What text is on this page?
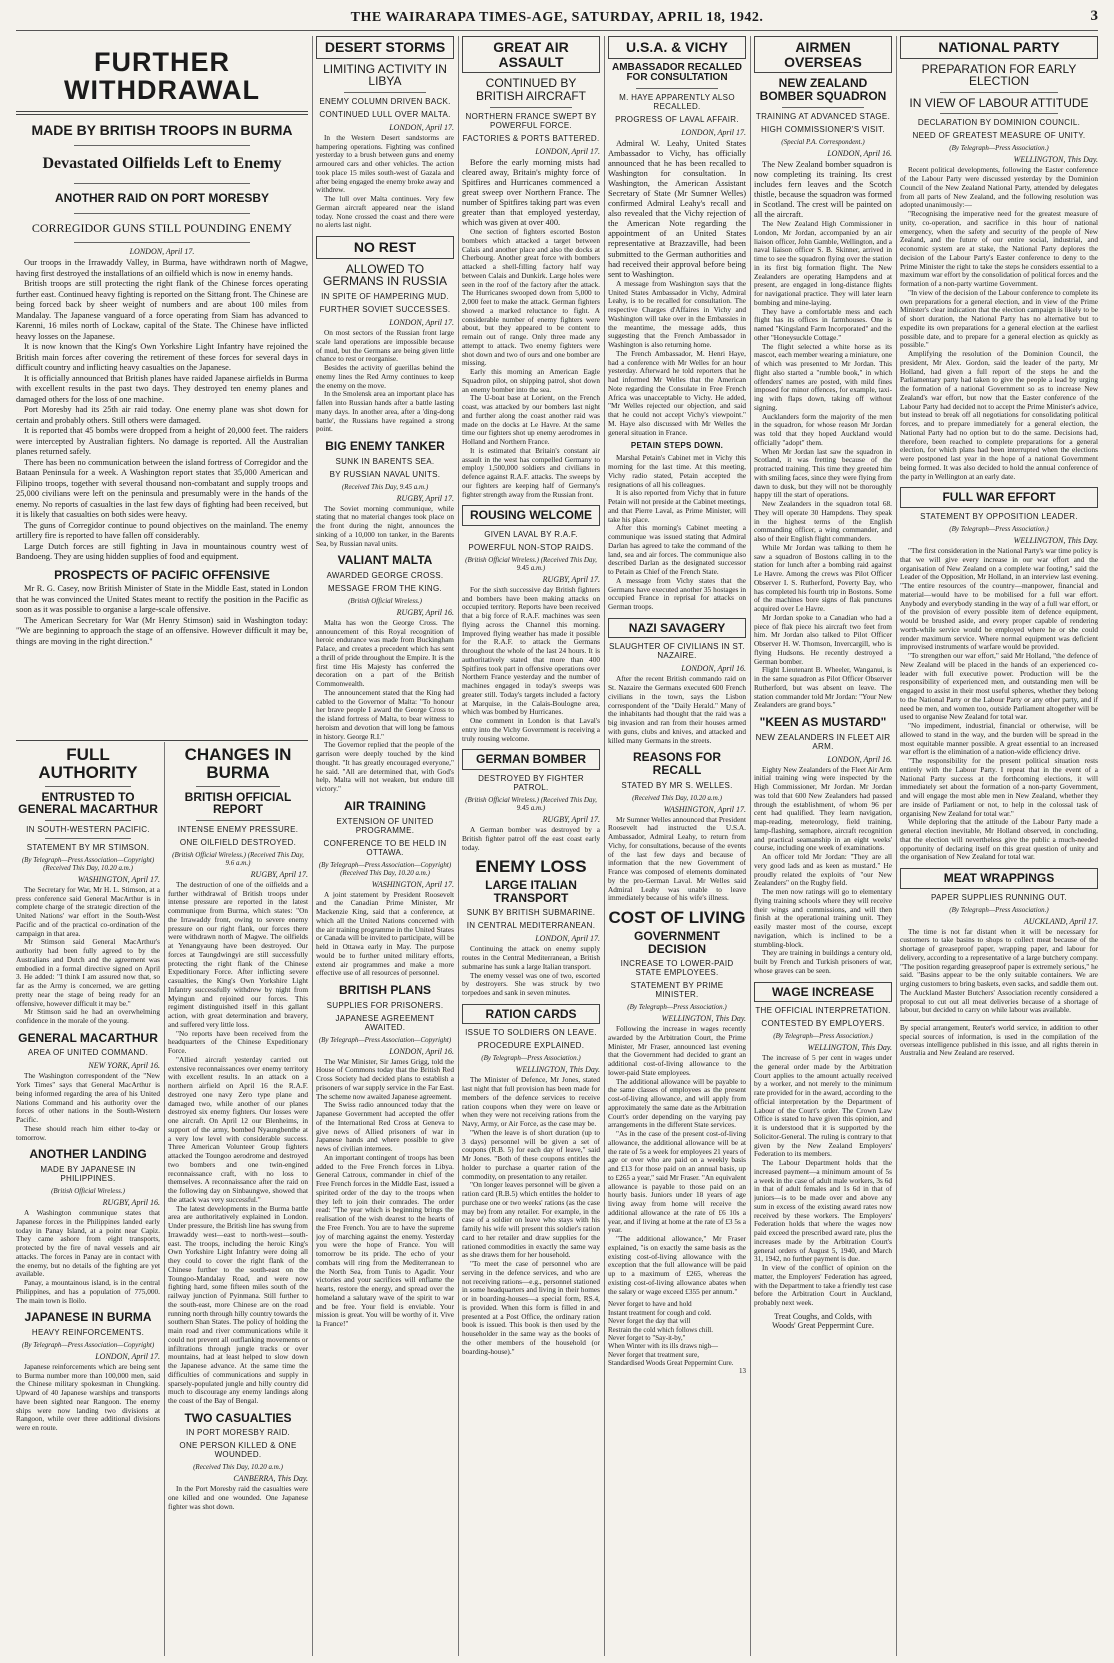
THE WAIRARAPA TIMES-AGE, SATURDAY, APRIL 18, 1942.	3
FURTHER WITHDRAWAL
MADE BY BRITISH TROOPS IN BURMA
Devastated Oilfields Left to Enemy
ANOTHER RAID ON PORT MORESBY
CORREGIDOR GUNS STILL POUNDING ENEMY
LONDON, April 17.

Our troops in the Irrawaddy Valley, in Burma, have withdrawn north of Magwe, having first destroyed the installations of an oilfield which is now in enemy hands.

British troops are still protecting the right flank of the Chinese forces operating further east. Continued heavy fighting is reported on the Sittang front. The Chinese are being forced back by sheer weight of numbers and are about 100 miles from Mandalay. The Japanese vanguard of a force operating from Siam has advanced to Karenni, 16 miles north of Lockaw, capital of the State. The Chinese have inflicted heavy losses on the Japanese.

It is now known that the King's Own Yorkshire Light Infantry have rejoined the British main forces after covering the retirement of these forces for several days in difficult country and inflicting heavy casualties on the Japanese.

It is officially announced that British planes have raided Japanese airfields in Burma with excellent results in the past two days. They destroyed ten enemy planes and damaged others for the loss of one machine.

Port Moresby had its 25th air raid today. One enemy plane was shot down for certain and probably others. Still others were damaged.

It is reported that 45 bombs were dropped from a height of 20,000 feet. The raiders were intercepted by Australian fighters. No damage is reported. All the Australian planes returned safely.

There has been no communication between the island fortress of Corregidor and the Bataan Peninsula for a week. A Washington report states that 35,000 American and Filipino troops, together with several thousand non-combatant and supply troops and 25,000 civilians were left on the peninsula and presumably were in the hands of the enemy. No reports of casualties in the last few days of fighting had been received, but it is likely that casualties on both sides were heavy.

The guns of Corregidor continue to pound objectives on the mainland. The enemy artillery fire is reported to have fallen off considerably.

Large Dutch forces are still fighting in Java in mountainous country west of Bandoeng. They are using hidden supplies of food and equipment.

PROSPECTS OF PACIFIC OFFENSIVE

Mr R. G. Casey, now British Minister of State in the Middle East, stated in London that he was convinced the United States meant to rectify the position in the Pacific as soon as it was possible to organise a large-scale offensive.

The American Secretary for War (Mr Henry Stimson) said in Washington today: "We are beginning to approach the stage of an offensive. However difficult it may be, things are moving in the right direction."

FULL AUTHORITY
ENTRUSTED TO GENERAL MACARTHUR
IN SOUTH-WESTERN PACIFIC.
STATEMENT BY MR STIMSON.
(By Telegraph—Press Association—Copyright) (Received This Day, 10.20 a.m.)
WASHINGTON, April 17.

The Secretary for War, Mr H. L. Stimson, at a press conference said General MacArthur is in complete charge of the strategic direction of the United Nations' war effort in the South-West Pacific and of the practical co-ordination of the campaign in that area.

Mr Stimson said General MacArthur's authority had been fully agreed to by the Australians and Dutch and the agreement was embodied in a formal directive signed on April 3. He added: "I think I am assured now that, so far as the Army is concerned, we are getting pretty near the stage of being ready for an offensive, however difficult it may be."

Mr Stimson said he had an overwhelming confidence in the morale of the young.

GENERAL MACARTHUR
AREA OF UNITED COMMAND.
NEW YORK, April 16.

The Washington correspondent of the "New York Times" says that General MacArthur is being informed regarding the area of his United Nations Command and his authority over the forces of other nations in the South-Western Pacific.

These should reach him either to-day or tomorrow.

ANOTHER LANDING
MADE BY JAPANESE IN PHILIPPINES.
(British Official Wireless.)
RUGBY, April 16.

A Washington communique states that Japanese forces in the Philippines landed early today in Panay Island, at a point near Capiz. They came ashore from eight transports, protected by the fire of naval vessels and air attacks. The forces in Panay are in contact with the enemy, but no details of the fighting are yet available.

Panay, a mountainous island, is in the central Philippines, and has a population of 775,000. The main town is Iloilo.

JAPANESE IN BURMA
HEAVY REINFORCEMENTS.
(By Telegraph—Press Association—Copyright)
LONDON, April 17.

Japanese reinforcements which are being sent to Burma number more than 100,000 men, said the Chinese military spokesman in Chungking. Upward of 40 Japanese warships and transports have been sighted near Rangoon. The enemy ships were now landing two divisions at Rangoon, while over three additional divisions were en route.

CHANGES IN BURMA
BRITISH OFFICIAL REPORT
INTENSE ENEMY PRESSURE.
ONE OILFIELD DESTROYED.
(British Official Wireless.) (Received This Day, 9.6 a.m.)
RUGBY, April 17.

The destruction of one of the oilfields and a further withdrawal of British troops under intense pressure are reported in the latest communique from Burma, which states: "On the Irrawaddy front, owing to severe enemy pressure on our right flank, our forces there were withdrawn north of Magwe. The oilfields at Yenangyaung have been destroyed. Our forces at Taungdwingyi are still successfully protecting the right flank of the Chinese Expeditionary Force. After inflicting severe casualties, the King's Own Yorkshire Light Infantry successfully withdrew by night from Myingun and rejoined our forces. This regiment distinguished itself in this gallant action, with great determination and bravery, and suffered very little loss.

"No reports have been received from the headquarters of the Chinese Expeditionary Force.

"Allied aircraft yesterday carried out extensive reconnaissances over enemy territory with excellent results. In an attack on a northern airfield on April 16 the R.A.F. destroyed one navy Zero type plane and damaged two, while another of our planes destroyed six enemy fighters. Our losses were one aircraft. On April 12 our Blenheims, in support of the army, bombed Nyaungbenthe at a very low level with considerable success. Three American Volunteer Group fighters attacked the Toungoo aerodrome and destroyed two bombers and one twin-engined reconnaissance craft, with no loss to themselves. A reconnaissance after the raid on the following day on Sinbaungwe, showed that the attack was very successful."

The latest developments in the Burma battle area are authoritatively explained in London. Under pressure, the British line has swung from Irrawaddy west—east to north-west—south-east. The troops, including the heroic King's Own Yorkshire Light Infantry were doing all they could to cover the right flank of the Chinese further to the south-east on the Toungoo-Mandalay Road, and were now fighting hard, some fifteen miles south of the railway junction of Pyinmana. Still further to the south-east, more Chinese are on the road running north through hilly country towards the southern Shan States. The policy of holding the main road and river communications while it could not prevent all outflanking movements or infiltrations through jungle tracks or over mountains, had at least helped to slow down the Japanese advance. At the same time the difficulties of communications and supply in sparsely-populated jungle and hilly country did much to discourage any enemy landings along the coast of the Bay of Bengal.

TWO CASUALTIES
IN PORT MORESBY RAID.
ONE PERSON KILLED & ONE WOUNDED.
(Received This Day, 10.20 a.m.)
CANBERRA, This Day.

In the Port Moresby raid the casualties were one killed and one wounded. One Japanese fighter was shot down.

DESERT STORMS
LIMITING ACTIVITY IN LIBYA
ENEMY COLUMN DRIVEN BACK.
CONTINUED LULL OVER MALTA.
LONDON, April 17.

In the Western Desert sandstorms are hampering operations. Fighting was confined yesterday to a brush between guns and enemy armoured cars and other vehicles. The action took place 15 miles south-west of Gazala and after being engaged the enemy broke away and withdrew.

The lull over Malta continues. Very few German aircraft appeared near the island today. None crossed the coast and there were no alerts last night.

NO REST
ALLOWED TO GERMANS IN RUSSIA
IN SPITE OF HAMPERING MUD.
FURTHER SOVIET SUCCESSES.
LONDON, April 17.

On most sectors of the Russian front large scale land operations are impossible because of mud, but the Germans are being given little chance to rest or reorganise.

Besides the activity of guerillas behind the enemy lines the Red Army continues to keep the enemy on the move.

In the Smolensk area an important place has fallen into Russian hands after a battle lasting many days. In another area, after a 'ding-dong battle', the Russians have regained a strong point.

BIG ENEMY TANKER
SUNK IN BARENTS SEA.
BY RUSSIAN NAVAL UNITS.
(Received This Day, 9.45 a.m.)
RUGBY, April 17.

The Soviet morning communique, while stating that no material changes took place on the front during the night, announces the sinking of a 10,000 ton tanker, in the Barents Sea, by Russian naval units.

VALIANT MALTA
AWARDED GEORGE CROSS.
MESSAGE FROM THE KING.
(British Official Wireless.)
RUGBY, April 16.

Malta has won the George Cross. The announcement of this Royal recognition of heroic endurance was made from Buckingham Palace, and creates a precedent which has sent a thrill of pride throughout the Empire. It is the first time His Majesty has conferred the decoration on a part of the British Commonwealth.

The announcement stated that the King had cabled to the Governor of Malta: "To honour her brave people I award the George Cross to the island fortress of Malta, to bear witness to heroism and devotion that will long be famous in history. George R.I."

The Governor replied that the people of the garrison were deeply touched by the kind thought. "It has greatly encouraged everyone," he said. "All are determined that, with God's help, Malta will not weaken, but endure till victory."

AIR TRAINING
EXTENSION OF UNITED PROGRAMME.
CONFERENCE TO BE HELD IN OTTAWA.
(By Telegraph—Press Association—Copyright) (Received This Day, 10.20 a.m.)
WASHINGTON, April 17.

A joint statement by President Roosevelt and the Canadian Prime Minister, Mr Mackenzie King, said that a conference, at which all the United Nations concerned with the air training programme in the United States or Canada will be invited to participate, will be held in Ottawa early in May. The purpose would be to further united military efforts, extend air programmes and make a more effective use of all resources of personnel.

BRITISH PLANS
SUPPLIES FOR PRISONERS.
JAPANESE AGREEMENT AWAITED.
(By Telegraph—Press Association—Copyright)
LONDON, April 16.

The War Minister, Sir James Grigg, told the House of Commons today that the British Red Cross Society had decided plans to establish a prisoners of war supply service in the Far East. The scheme now awaited Japanese agreement.

The Swiss radio announced today that the Japanese Government had accepted the offer of the International Red Cross at Geneva to give news of Allied prisoners of war in Japanese hands and where possible to give news of civilian internees.

An important contingent of troops has been added to the Free French forces in Libya. General Catroux, commander in chief of the Free French forces in the Middle East, issued a spirited order of the day to the troops when they left to join their comrades. The order read: "The year which is beginning brings the realisation of the wish dearest to the hearts of the Free French. You are to have the supreme joy of marching against the enemy. Yesterday you were the hope of France. You will tomorrow be its pride. The echo of your combats will ring from the Mediterranean to the North Sea, from Tunis to Agadir. Your victories and your sacrifices will enflame the hearts, restore the energy, and spread over the homeland a salutary wave of the spirit to war and be free. Your field is enviable. Your mission is great. You will be worthy of it. Vive la France!"

GREAT AIR ASSAULT
CONTINUED BY BRITISH AIRCRAFT
NORTHERN FRANCE SWEPT BY POWERFUL FORCE.
FACTORIES & PORTS BATTERED.
LONDON, April 17.

Before the early morning mists had cleared away, Britain's mighty force of Spitfires and Hurricanes commenced a great sweep over Northern France. The number of Spitfires taking part was even greater than that employed yesterday, which was given at over 400.

One section of fighters escorted Boston bombers which attacked a target between Calais and another place and also the docks at Cherbourg. Another great force with bombers attacked a shell-filling factory half way between Calais and Dunkirk. Large holes were seen in the roof of the factory after the attack. The Hurricanes swooped down from 5,000 to 2,000 feet to make the attack. German fighters showed a marked reluctance to fight. A considerable number of enemy fighters were about, but they appeared to be content to remain out of range. Only three made any attempt to attack. Two enemy fighters were shot down and two of ours and one bomber are missing.

Early this morning an American Eagle Squadron pilot, on shipping patrol, shot down an enemy bomber into the sea.

The U-boat base at Lorient, on the French coast, was attacked by our bombers last night and further along the coast another raid was made on the docks at Le Havre. At the same time our fighters shot up enemy aerodromes in Holland and Northern France.

It is estimated that Britain's constant air assault in the west has compelled Germany to employ 1,500,000 soldiers and civilians in defence against R.A.F. attacks. The sweeps by our fighters are keeping half of Germany's fighter strength away from the Russian front.

ROUSING WELCOME
GIVEN LAVAL BY R.A.F.
POWERFUL NON-STOP RAIDS.
(British Official Wireless.) (Received This Day, 9.45 a.m.)
RUGBY, April 17.

For the sixth successive day British fighters and bombers have been making attacks on occupied territory. Reports have been received that a big force of R.A.F. machines was seen flying across the Channel this morning. Improved flying weather has made it possible for the R.A.F. to attack the Germans throughout the whole of the last 24 hours. It is authoritatively stated that more than 400 Spitfires took part in offensive operations over Northern France yesterday and the number of machines engaged in today's sweeps was greater still. Today's targets included a factory at Marquise, in the Calais-Boulogne area, which was bombed by Hurricanes.

One comment in London is that Laval's entry into the Vichy Government is receiving a truly rousing welcome.

GERMAN BOMBER
DESTROYED BY FIGHTER PATROL.
(British Official Wireless.) (Received This Day, 9.45 a.m.)
RUGBY, April 17.

A German bomber was destroyed by a British fighter patrol off the east coast early today.

ENEMY LOSS
LARGE ITALIAN TRANSPORT
SUNK BY BRITISH SUBMARINE.
IN CENTRAL MEDITERRANEAN.
LONDON, April 17.

Continuing the attack on enemy supply routes in the Central Mediterranean, a British submarine has sunk a large Italian transport.

The enemy vessel was one of two, escorted by destroyers. She was struck by two torpedoes and sank in seven minutes.

RATION CARDS
ISSUE TO SOLDIERS ON LEAVE.
PROCEDURE EXPLAINED.
(By Telegraph—Press Association.)
WELLINGTON, This Day.

The Minister of Defence, Mr Jones, stated last night that full provision has been made for members of the defence services to receive ration coupons when they were on leave or when they were not receiving rations from the Navy, Army, or Air Force, as the case may be.

"When the leave is of short duration (up to 3 days) personnel will be given a set of coupons (R.B. 5) for each day of leave," said Mr Jones. "Both of these coupons entitles the holder to purchase a quarter ration of the commodity, on presentation to any retailer.

"On longer leaves personnel will be given a ration card (R.B.5) which entitles the holder to purchase one or two weeks' rations (as the case may be) from any retailer. For example, in the case of a soldier on leave who stays with his family his wife will present this soldier's ration card to her retailer and draw supplies for the rationed commodities in exactly the same way as she draws them for her household.

"To meet the case of personnel who are serving in the defence services, and who are not receiving rations—e.g., personnel stationed in some headquarters and living in their homes or in boarding-houses—a special form, RS.4, is provided. When this form is filled in and presented at a Post Office, the ordinary ration book is issued. This book is then used by the householder in the same way as the books of the other members of the household (or boarding-house)."

U.S.A. & VICHY
AMBASSADOR RECALLED FOR CONSULTATION
M. HAYE APPARENTLY ALSO RECALLED.
PROGRESS OF LAVAL AFFAIR.
LONDON, April 17.

Admiral W. Leahy, United States Ambassador to Vichy, has officially announced that he has been recalled to Washington for consultation. In Washington, the American Assistant Secretary of State (Mr Sumner Welles) confirmed Admiral Leahy's recall and also revealed that the Vichy rejection of the American Note regarding the appointment of an United States representative at Brazzaville, had been submitted to the German authorities and had received their approval before being sent to Washington.

A message from Washington says that the United States Ambassador in Vichy, Admiral Leahy, is to be recalled for consultation. The respective Charges d'Affaires in Vichy and Washington will take over in the Embassies in the meantime, the message adds, thus suggesting that the French Ambassador in Washington is also returning home.

The French Ambassador, M. Henri Haye, had a conference with Mr Welles for an hour yesterday. Afterward he told reporters that he had informed Mr Welles that the American Note regarding the Consulate in Free French Africa was unacceptable to Vichy. He added, "Mr Welles rejected our objection, and said that he could not accept Vichy's viewpoint." M. Haye also discussed with Mr Welles the general situation in France.

PETAIN STEPS DOWN.

Marshal Petain's Cabinet met in Vichy this morning for the last time. At this meeting, Vichy radio stated, Petain accepted the resignations of all his colleagues.

It is also reported from Vichy that in future Petain will not preside at the Cabinet meetings, and that Pierre Laval, as Prime Minister, will take his place.

After this morning's Cabinet meeting a communique was issued stating that Admiral Darlan has agreed to take the command of the land, sea and air forces. The communique also described Darlan as the designated successor to Petain as Chief of the French State.

A message from Vichy states that the Germans have executed another 35 hostages in occupied France in reprisal for attacks on German troops.

NAZI SAVAGERY
SLAUGHTER OF CIVILIANS IN ST. NAZAIRE.
LONDON, April 16.

After the recent British commando raid on St. Nazaire the Germans executed 600 French civilians in the town, says the Lisbon correspondent of the "Daily Herald." Many of the inhabitants had thought that the raid was a big invasion and ran from their houses armed with guns, clubs and knives, and attacked and killed many Germans in the streets.

REASONS FOR RECALL
STATED BY MR S. WELLES.
(Received This Day, 10.20 a.m.)
WASHINGTON, April 17.

Mr Sumner Welles announced that President Roosevelt had instructed the U.S.A. Ambassador, Admiral Leahy, to return from Vichy, for consultations, because of the events of the last few days and because of information that the new Government of France was composed of elements dominated by the pro-German Laval. Mr Welles said Admiral Leahy was unable to leave immediately because of his wife's illness.

COST OF LIVING
GOVERNMENT DECISION
INCREASE TO LOWER-PAID STATE EMPLOYEES.
STATEMENT BY PRIME MINISTER.
(By Telegraph—Press Association.)
WELLINGTON, This Day.

Following the increase in wages recently awarded by the Arbitration Court, the Prime Minister, Mr Fraser, announced last evening that the Government had decided to grant an additional cost-of-living allowance to the lower-paid State employees.

The additional allowance will be payable to the same classes of employees as the present cost-of-living allowance, and will apply from approximately the same date as the Arbitration Court's order depending on the varying pay arrangements in the different State services.

"As in the case of the present cost-of-living allowance, the additional allowance will be at the rate of 5s a week for employees 21 years of age or over who are paid on a weekly basis and £13 for those paid on an annual basis, up to £265 a year," said Mr Fraser. "An equivalent allowance is payable to those paid on an hourly basis. Juniors under 18 years of age living away from home will receive the additional allowance at the rate of £6 10s a year, and if living at home at the rate of £3 5s a year.

"The additional allowance," Mr Fraser explained, "is on exactly the same basis as the existing cost-of-living allowance with the exception that the full allowance will be paid up to a maximum of £265, whereas the existing cost-of-living allowance abates when the salary or wage exceed £355 per annum."

Never forget to have and hold
Instant treatment for cough and cold.
Never forget the day that will
Restrain the cold which follows chill.
Never forget to "Say-it-by,"
When Winter with its ills draws nigh—
Never forget that treatment sure,
Standardised Woods Great Peppermint Cure.
13
AIRMEN OVERSEAS
NEW ZEALAND BOMBER SQUADRON
TRAINING AT ADVANCED STAGE.
HIGH COMMISSIONER'S VISIT.
(Special P.A. Correspondent.)
LONDON, April 16.

The New Zealand bomber squadron is now completing its training. Its crest includes fern leaves and the Scotch thistle, because the squadron was formed in Scotland. The crest will be painted on all the aircraft.

The New Zealand High Commissioner in London, Mr Jordan, accompanied by an air liaison officer, John Gamble, Wellington, and a naval liaison officer S. B. Skinner, arrived in time to see the squadron flying over the station in its first big formation flight. The New Zealanders are operating Hampdens and at present, are engaged in long-distance flights for navigational practice. They will later learn bombing and mine-laying.

They have a comfortable mess and each flight has its offices in farmhouses. One is named "Kingsland Farm Incorporated" and the other "Honeysuckle Cottage."

The flight selected a white horse as its mascot, each member wearing a miniature, one of which was presented to Mr Jordan. This flight also started a "rumble book," in which offenders' names are posted, with mild fines imposed for minor offences, for example, taxi-ing with flaps down, taking off without signing.

Aucklanders form the majority of the men in the squadron, for whose reason Mr Jordan was told that they hoped Auckland would officially "adopt" them.

When Mr Jordan last saw the squadron in Scotland, it was fretting because of the protracted training. This time they greeted him with smiling faces, since they were flying from dawn to dusk, but they will not be thoroughly happy till the start of operations.

New Zealanders in the squadron total 68. They will operate 30 Hampdens. They speak in the highest terms of the English commanding officer, a wing commander, and also of their English flight commanders.

While Mr Jordan was talking to them he saw a squadron of Bostons calling in to the station for lunch after a bombing raid against Le Havre. Among the crews was Pilot Officer Observer I. S. Rutherford, Poverty Bay, who has completed his fourth trip in Bostons. Some of the machines bore signs of flak punctures acquired over Le Havre.

Mr Jordan spoke to a Canadian who had a piece of flak piece his aircraft two feet from him. Mr Jordan also talked to Pilot Officer Observer H. W. Thomson, Invercargill, who is flying Hudsons. He recently destroyed a German bomber.

Flight Lieutenant B. Wheeler, Wanganui, is in the same squadron as Pilot Officer Observer Rutherford, but was absent on leave. The station commander told Mr Jordan: "Your New Zealanders are grand boys."

"KEEN AS MUSTARD"
NEW ZEALANDERS IN FLEET AIR ARM.
LONDON, April 16.

Eighty New Zealanders of the Fleet Air Arm initial training wing were inspected by the High Commissioner, Mr Jordan. Mr Jordan was told that 600 New Zealanders had passed through the establishment, of whom 96 per cent had qualified. They learn navigation, map-reading, meteorology, field training, lamp-flashing, semaphore, aircraft recognition and practical seamanship in an eight weeks' course, including one week of examinations.

An officer told Mr Jordan: "They are all very good lads and as keen as mustard." He proudly related the exploits of "our New Zealanders" on the Rugby field.

The men now ratings will go to elementary flying training schools where they will receive their wings and commissions, and will then finish at the operational training unit. They easily master most of the course, except navigation, which is inclined to be a stumbling-block.

They are training in buildings a century old, built by French and Turkish prisoners of war, whose graves can be seen.

WAGE INCREASE
THE OFFICIAL INTERPRETATION.
CONTESTED BY EMPLOYERS.
(By Telegraph—Press Association.)
WELLINGTON, This Day.

The increase of 5 per cent in wages under the general order made by the Arbitration Court applies to the amount actually received by a worker, and not merely to the minimum rate provided for in the award, according to the official interpretation by the Department of Labour of the Court's order. The Crown Law Office is stated to have given this opinion, and it is understood that it is supported by the Solicitor-General. The ruling is contrary to that given by the New Zealand Employers' Federation to its members.

The Labour Department holds that the increased payment—a minimum amount of 5s a week in the case of adult male workers, 3s 6d in that of adult females and 1s 6d in that of juniors—is to be made over and above any sum in excess of the existing award rates now received by these workers. The Employers' Federation holds that where the wages now paid exceed the prescribed award rate, plus the increases made by the Arbitration Court's general orders of August 5, 1940, and March 31, 1942, no further payment is due.

In view of the conflict of opinion on the matter, the Employers' Federation has agreed, with the Department to take a friendly test case before the Arbitration Court in Auckland, probably next week.

Treat Coughs, and Colds, with
Woods' Great Peppermint Cure.
NATIONAL PARTY
PREPARATION FOR EARLY ELECTION
IN VIEW OF LABOUR ATTITUDE
DECLARATION BY DOMINION COUNCIL.
NEED OF GREATEST MEASURE OF UNITY.
(By Telegraph—Press Association.)
WELLINGTON, This Day.

Recent political developments, following the Easter conference of the Labour Party were discussed yesterday by the Dominion Council of the New Zealand National Party, attended by delegates from all parts of New Zealand, and the following resolution was adopted unanimously:—

"Recognising the imperative need for the greatest measure of unity, co-operation, and sacrifice in this hour of national emergency, when the safety and security of the people of New Zealand, and the future of our entire social, industrial, and economic system are at stake, the National Party deplores the decision of the Labour Party's Easter conference to deny to the Prime Minister the right to take the steps he considers essential to a maximum war effort by the consolidation of political forces and the formation of a non-party wartime Government.

"In view of the decision of the Labour conference to complete its own preparations for a general election, and in view of the Prime Minister's clear indication that the election campaign is likely to be of short duration, the National Party has no alternative but to expedite its own preparations for a general election at the earliest possible date, and to prepare for a general election as quickly as possible."

Amplifying the resolution of the Dominion Council, the president, Mr Alex. Gordon, said the leader of the party, Mr Holland, had given a full report of the steps he and the Parliamentary party had taken to give the people a lead by urging the formation of a national Government so as to increase New Zealand's war effort, but now that the Easter conference of the Labour Party had decided not to accept the Prime Minister's advice, but instead to break off all negotiations for consolidating political forces, and to prepare immediately for a general election, the National Party had no option but to do the same. Decisions had, therefore, been reached to complete preparations for a general election, for which plans had been interrupted when the elections were postponed last year in the hope of a national Government being formed. It was also decided to hold the annual conference of the party in Wellington at an early date.

FULL WAR EFFORT
STATEMENT BY OPPOSITION LEADER.
(By Telegraph—Press Association.)
WELLINGTON, This Day.

"The first consideration in the National Party's war time policy is that we will give every increase in our war effort and the organisation of New Zealand on a complete war footing," said the Leader of the Opposition, Mr Holland, in an interview last evening. "The entire resources of the country—manpower, financial and material—would have to be mobilised for a full war effort. Anybody and everybody standing in the way of a full war effort, or of the provision of every possible item of defence equipment, would be brushed aside, and every proper capable of rendering worth-while service would be employed where he or she could render maximum service. Where normal equipment was deficient improvised instruments of warfare would be provided.

"To strengthen our war effort," said Mr Holland, "the defence of New Zealand will be placed in the hands of an experienced co-leader with full executive power. Production will be the responsibility of experienced men, and outstanding men will be engaged to assist in their most useful spheres, whether they belong to the National Party or the Labour Party or any other party, and if need be men, and women too, outside Parliament altogether will be used to organise New Zealand for total war.

"No impediment, industrial, financial or otherwise, will be allowed to stand in the way, and the burden will be spread in the most equitable manner possible. A great essential to an increased war effort is the elimination of a nation-wide efficiency drive.

"The responsibility for the present political situation rests entirely with the Labour Party. I repeat that in the event of a National Party success at the forthcoming elections, it will immediately set about the formation of a non-party Government, and will engage the most able men in New Zealand, whether they are inside of Parliament or not, to help in the colossal task of organising New Zealand for total war."

While deploring that the attitude of the Labour Party made a general election inevitable, Mr Holland observed, in concluding, that the election will nevertheless give the public a much-needed opportunity of declaring itself on this great question of unity and the organisation of New Zealand for total war.

MEAT WRAPPINGS
PAPER SUPPLIES RUNNING OUT.
(By Telegraph—Press Association.)
AUCKLAND, April 17.

The time is not far distant when it will be necessary for customers to take basins to shops to collect meat because of the shortage of greaseproof paper, wrapping paper, and labour for delivery, according to a representative of a large butchery company. "The position regarding greaseproof paper is extremely serious," he said. "Basins appear to be the only suitable containers. We are urging customers to bring baskets, even sacks, and saddle them out. The Auckland Master Butchers' Association recently considered a proposal to cut out all meat deliveries because of a shortage of labour, but decided to carry on while labour was available.

By special arrangement, Reuter's world service, in addition to other special sources of information, is used in the compilation of the overseas intelligence published in this issue, and all rights therein in Australia and New Zealand are reserved.
